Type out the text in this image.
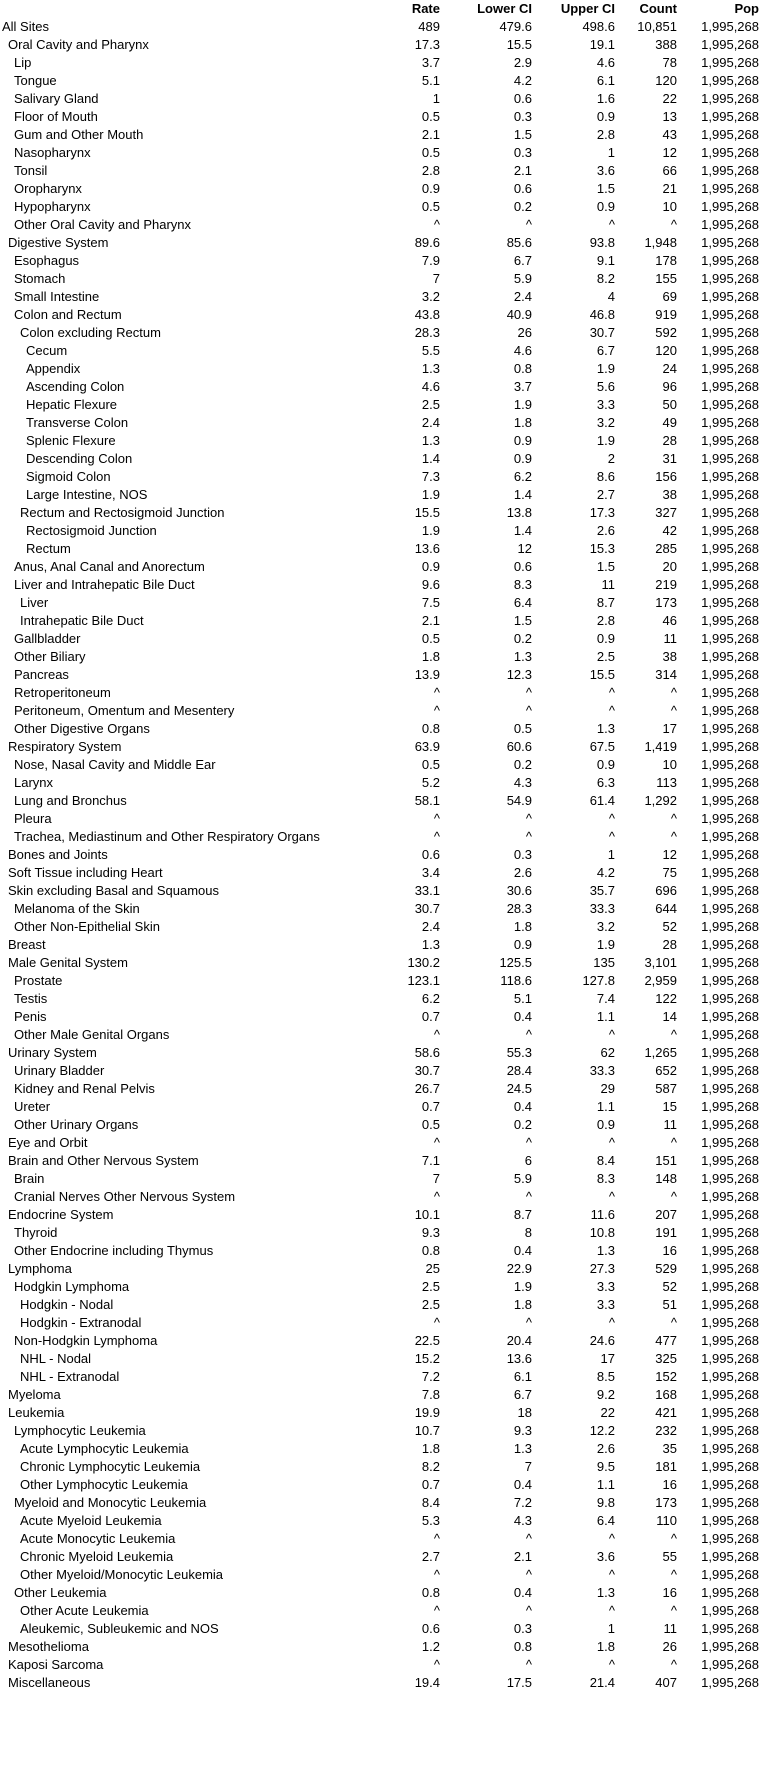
Rate	Lower CI Upper CI Count	Pop
All Sites	489	479.6	498.6 10,851 1,995,268
Oral Cavity and Pharynx	17.3	15.5	19.1	388 1,995,268
Lip	3.7	2.9	4.6	78 1,995,268
Tongue	5.1	4.2	6.1	120 1,995,268
Salivary Gland	1	0.6	1.6	22 1,995,268
Floor of Mouth	0.5	0.3	0.9	13 1,995,268
Gum and Other Mouth	2.1	1.5	2.8	43 1,995,268
Nasopharynx	0.5	0.3	1	12 1,995,268
Tonsil	2.8	2.1	3.6	66 1,995,268
Oropharynx	0.9	0.6	1.5	21 1,995,268
Hypopharynx	0.5	0.2	0.9	10 1,995,268
Other Oral Cavity and Pharynx	^	^	^	^ 1,995,268
Digestive System	89.6	85.6	93.8 1,948 1,995,268
Esophagus	7.9	6.7	9.1	178 1,995,268
Stomach	7	5.9	8.2	155 1,995,268
Small Intestine	3.2	2.4	4	69 1,995,268
Colon and Rectum	43.8	40.9	46.8	919 1,995,268
Colon excluding Rectum	28.3	26	30.7	592 1,995,268
Cecum	5.5	4.6	6.7	120 1,995,268
Appendix	1.3	0.8	1.9	24 1,995,268
Ascending Colon	4.6	3.7	5.6	96 1,995,268
Hepatic Flexure	2.5	1.9	3.3	50 1,995,268
Transverse Colon	2.4	1.8	3.2	49 1,995,268
Splenic Flexure	1.3	0.9	1.9	28 1,995,268
Descending Colon	1.4	0.9	2	31 1,995,268
Sigmoid Colon	7.3	6.2	8.6	156 1,995,268
Large Intestine, NOS	1.9	1.4	2.7	38 1,995,268
Rectum and Rectosigmoid Junction	15.5	13.8	17.3	327 1,995,268
Rectosigmoid Junction	1.9	1.4	2.6	42 1,995,268
Rectum	13.6	12	15.3	285 1,995,268
Anus, Anal Canal and Anorectum	0.9	0.6	1.5	20 1,995,268
Liver and Intrahepatic Bile Duct	9.6	8.3	11	219 1,995,268
Liver	7.5	6.4	8.7	173 1,995,268
Intrahepatic Bile Duct	2.1	1.5	2.8	46 1,995,268
Gallbladder	0.5	0.2	0.9	11 1,995,268
Other Biliary	1.8	1.3	2.5	38 1,995,268
Pancreas	13.9	12.3	15.5	314 1,995,268
Retroperitoneum	^	^	^	^ 1,995,268
Peritoneum, Omentum and Mesentery	^	^	^	^ 1,995,268
Other Digestive Organs	0.8	0.5	1.3	17 1,995,268
Respiratory System	63.9	60.6	67.5 1,419 1,995,268
Nose, Nasal Cavity and Middle Ear	0.5	0.2	0.9	10 1,995,268
Larynx	5.2	4.3	6.3	113 1,995,268
Lung and Bronchus	58.1	54.9	61.4 1,292 1,995,268
Pleura	^	^	^	^ 1,995,268
Trachea, Mediastinum and Other Respiratory Organs	^	^	^	^ 1,995,268
Bones and Joints	0.6	0.3	1	12 1,995,268
Soft Tissue including Heart	3.4	2.6	4.2	75 1,995,268
Skin excluding Basal and Squamous	33.1	30.6	35.7	696 1,995,268
Melanoma of the Skin	30.7	28.3	33.3	644 1,995,268
Other Non-Epithelial Skin	2.4	1.8	3.2	52 1,995,268
Breast	1.3	0.9	1.9	28 1,995,268
Male Genital System	130.2	125.5	135 3,101 1,995,268
Prostate	123.1	118.6	127.8 2,959 1,995,268
Testis	6.2	5.1	7.4	122 1,995,268
Penis	0.7	0.4	1.1	14 1,995,268
Other Male Genital Organs	^	^	^	^ 1,995,268
Urinary System	58.6	55.3	62 1,265 1,995,268
Urinary Bladder	30.7	28.4	33.3	652 1,995,268
Kidney and Renal Pelvis	26.7	24.5	29	587 1,995,268
Ureter	0.7	0.4	1.1	15 1,995,268
Other Urinary Organs	0.5	0.2	0.9	11 1,995,268
Eye and Orbit	^	^	^	^ 1,995,268
Brain and Other Nervous System	7.1	6	8.4	151 1,995,268
Brain	7	5.9	8.3	148 1,995,268
Cranial Nerves Other Nervous System	^	^	^	^ 1,995,268
Endocrine System	10.1	8.7	11.6	207 1,995,268
Thyroid	9.3	8	10.8	191 1,995,268
Other Endocrine including Thymus	0.8	0.4	1.3	16 1,995,268
Lymphoma	25	22.9	27.3	529 1,995,268
Hodgkin Lymphoma	2.5	1.9	3.3	52 1,995,268
Hodgkin - Nodal	2.5	1.8	3.3	51 1,995,268
Hodgkin - Extranodal	^	^	^	^ 1,995,268
Non-Hodgkin Lymphoma	22.5	20.4	24.6	477 1,995,268
NHL - Nodal	15.2	13.6	17	325 1,995,268
NHL - Extranodal	7.2	6.1	8.5	152 1,995,268
Myeloma	7.8	6.7	9.2	168 1,995,268
Leukemia	19.9	18	22	421 1,995,268
Lymphocytic Leukemia	10.7	9.3	12.2	232 1,995,268
Acute Lymphocytic Leukemia	1.8	1.3	2.6	35 1,995,268
Chronic Lymphocytic Leukemia	8.2	7	9.5	181 1,995,268
Other Lymphocytic Leukemia	0.7	0.4	1.1	16 1,995,268
Myeloid and Monocytic Leukemia	8.4	7.2	9.8	173 1,995,268
Acute Myeloid Leukemia	5.3	4.3	6.4	110 1,995,268
Acute Monocytic Leukemia	^	^	^	^ 1,995,268
Chronic Myeloid Leukemia	2.7	2.1	3.6	55 1,995,268
Other Myeloid/Monocytic Leukemia	^	^	^	^ 1,995,268
Other Leukemia	0.8	0.4	1.3	16 1,995,268
Other Acute Leukemia	^	^	^	^ 1,995,268
Aleukemic, Subleukemic and NOS	0.6	0.3	1	11 1,995,268
Mesothelioma	1.2	0.8	1.8	26 1,995,268
Kaposi Sarcoma	^	^	^	^ 1,995,268
Miscellaneous	19.4	17.5	21.4	407 1,995,268
